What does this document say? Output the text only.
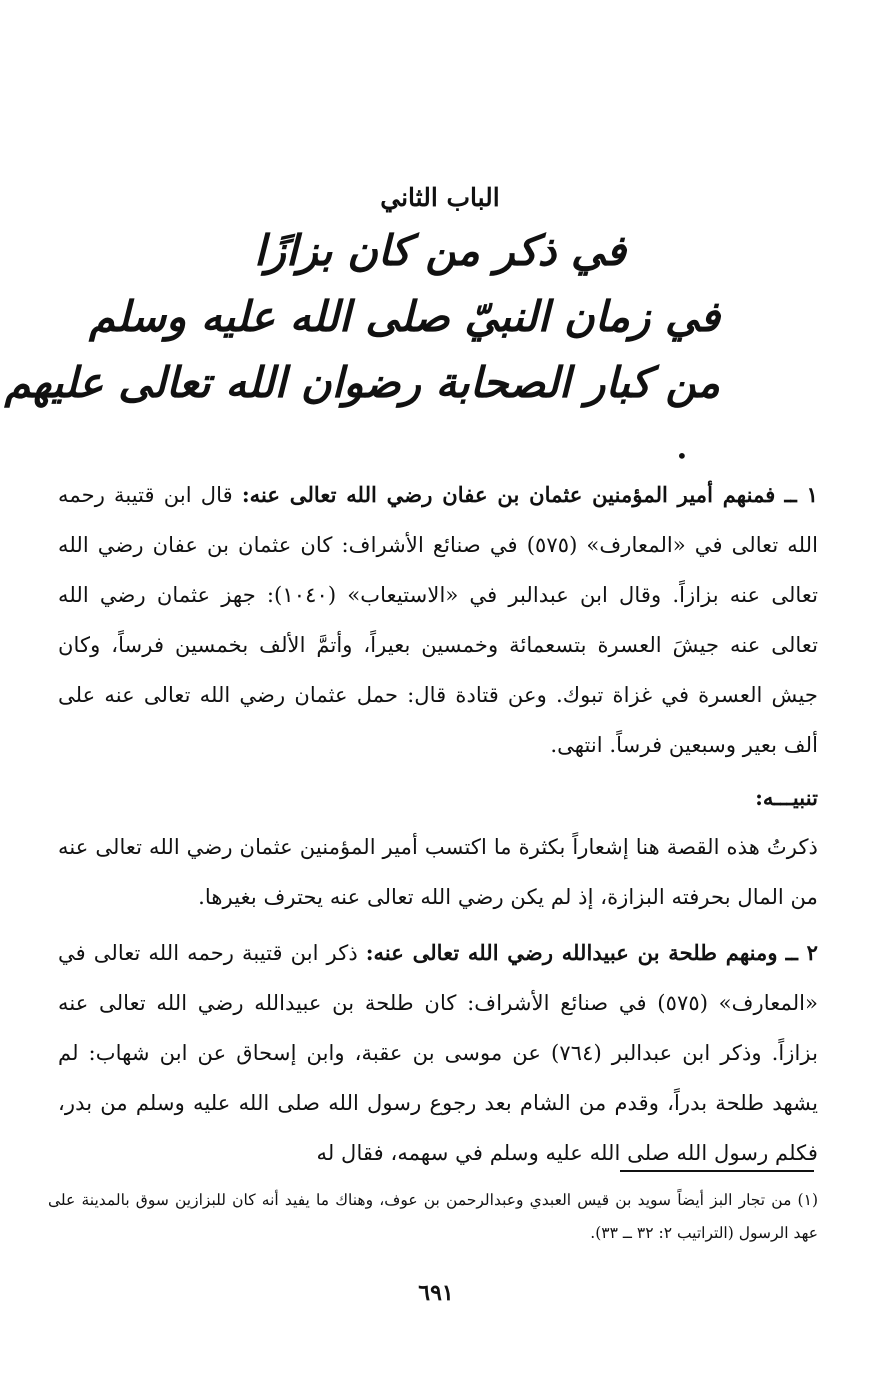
الباب الثاني
في ذكر من كان بزازًا
في زمان النبيّ صلى الله عليه وسلم
من كبار الصحابة رضوان الله تعالى عليهم
•

١ ــ فمنهم أمير المؤمنين عثمان بن عفان رضي الله تعالى عنه: قال ابن قتيبة رحمه الله تعالى في «المعارف» (٥٧٥) في صنائع الأشراف: كان عثمان بن عفان رضي الله تعالى عنه بزازاً. وقال ابن عبدالبر في «الاستيعاب» (١٠٤٠): جهز عثمان رضي الله تعالى عنه جيشَ العسرة بتسعمائة وخمسين بعيراً، وأتمَّ الألف بخمسين فرساً، وكان جيش العسرة في غزاة تبوك. وعن قتادة قال: حمل عثمان رضي الله تعالى عنه على ألف بعير وسبعين فرساً. انتهى.

تنبيـــه:

ذكرتُ هذه القصة هنا إشعاراً بكثرة ما اكتسب أمير المؤمنين عثمان رضي الله تعالى عنه من المال بحرفته البزازة، إذ لم يكن رضي الله تعالى عنه يحترف بغيرها.

٢ ــ ومنهم طلحة بن عبيدالله رضي الله تعالى عنه: ذكر ابن قتيبة رحمه الله تعالى في «المعارف» (٥٧٥) في صنائع الأشراف: كان طلحة بن عبيدالله رضي الله تعالى عنه بزازاً. وذكر ابن عبدالبر (٧٦٤) عن موسى بن عقبة، وابن إسحاق عن ابن شهاب: لم يشهد طلحة بدراً، وقدم من الشام بعد رجوع رسول الله صلى الله عليه وسلم من بدر، فكلم رسول الله صلى الله عليه وسلم في سهمه، فقال له

(١) من تجار البز أيضاً سويد بن قيس العبدي وعبدالرحمن بن عوف، وهناك ما يفيد أنه كان للبزازين سوق بالمدينة على عهد الرسول (التراتيب ٢: ٣٢ ــ ٣٣).

٦٩١
